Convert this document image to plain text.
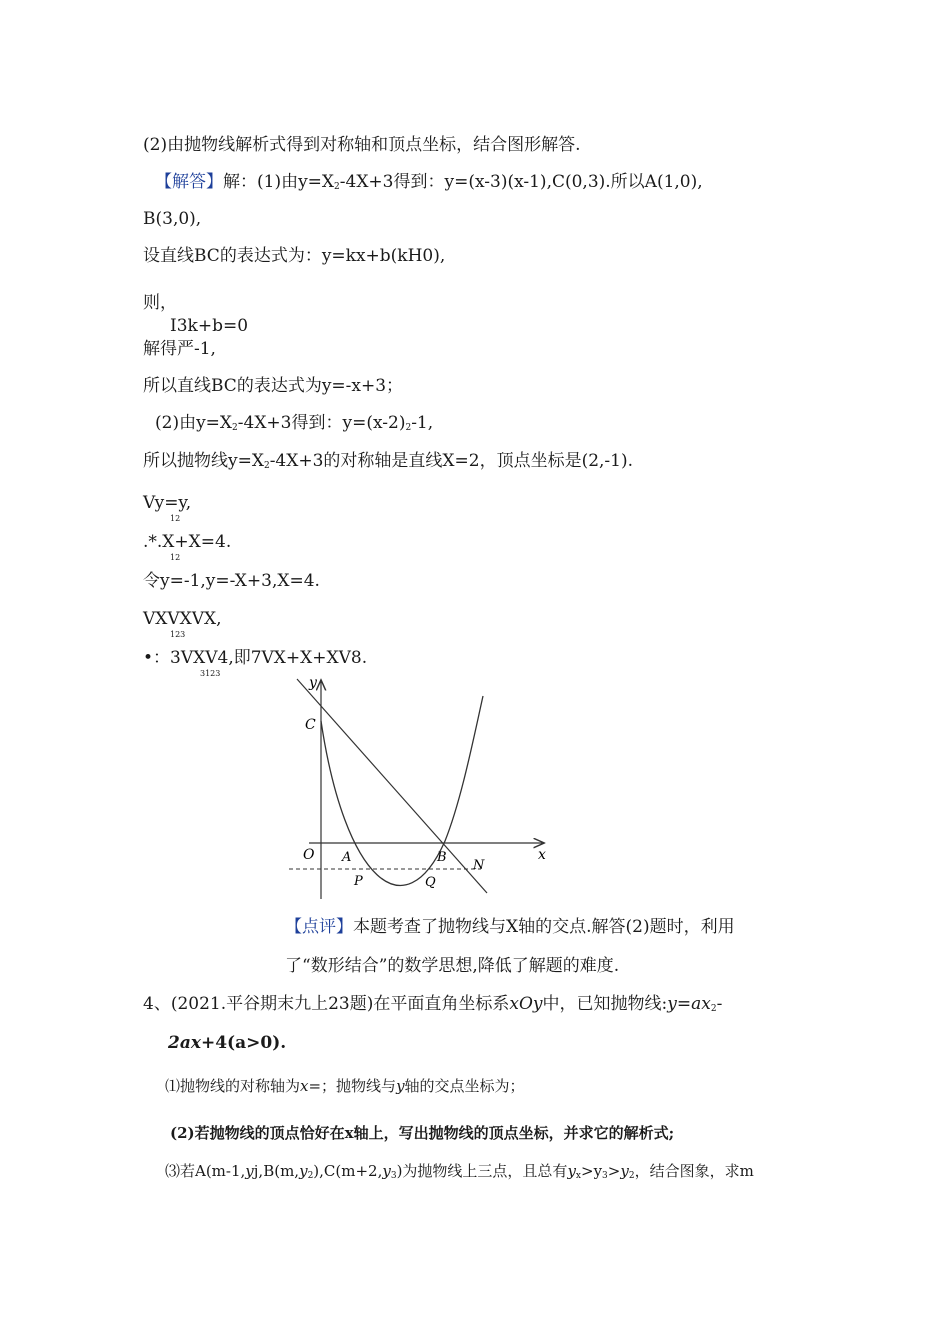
(2)由抛物线解析式得到对称轴和顶点坐标，结合图形解答.
【解答】解：(1)由$y=X_2-4X+3$得到：y=(x-3)(x-1),C(0,3).所以A(1,0),
B(3,0),
设直线BC的表达式为：y=kx+b(kH0),
则，
I3k+b=0
解得严-1,
所以直线BC的表达式为y=-x+3；
(2)由$y=X_2-4X+3$得到：$y=(x-2)_2-1$,
所以抛物线$y=X_2-4X+3$的对称轴是直线X=2，顶点坐标是(2,-1).
Vy=y,
12
.*.X+X=4.
12
令y=-1,y=-X+3,X=4.
VXVXVX,
123
•：3VXV4,即7VX+X+XV8.
3123
y
x
C
O A	B
N
P	Q
【点评】本题考查了抛物线与X轴的交点.解答(2)题时，利用
了“数形结合”的数学思想,降低了解题的难度.
4、(2021.平谷期末九上23题)在平面直角坐标系xOy中，已知抛物线$:y=ax_2-$
2ax+4(a>0).
⑴抛物线的对称轴为x=；抛物线与y轴的交点坐标为；
(2)若抛物线的顶点恰好在x轴上，写出抛物线的顶点坐标，并求它的解析式;
⑶若$A(m-1,yj,B(m,y_2),C(m+2,y_3)$为抛物线上三点，且总有$y_x>y_3>y_2$，结合图象，求m
